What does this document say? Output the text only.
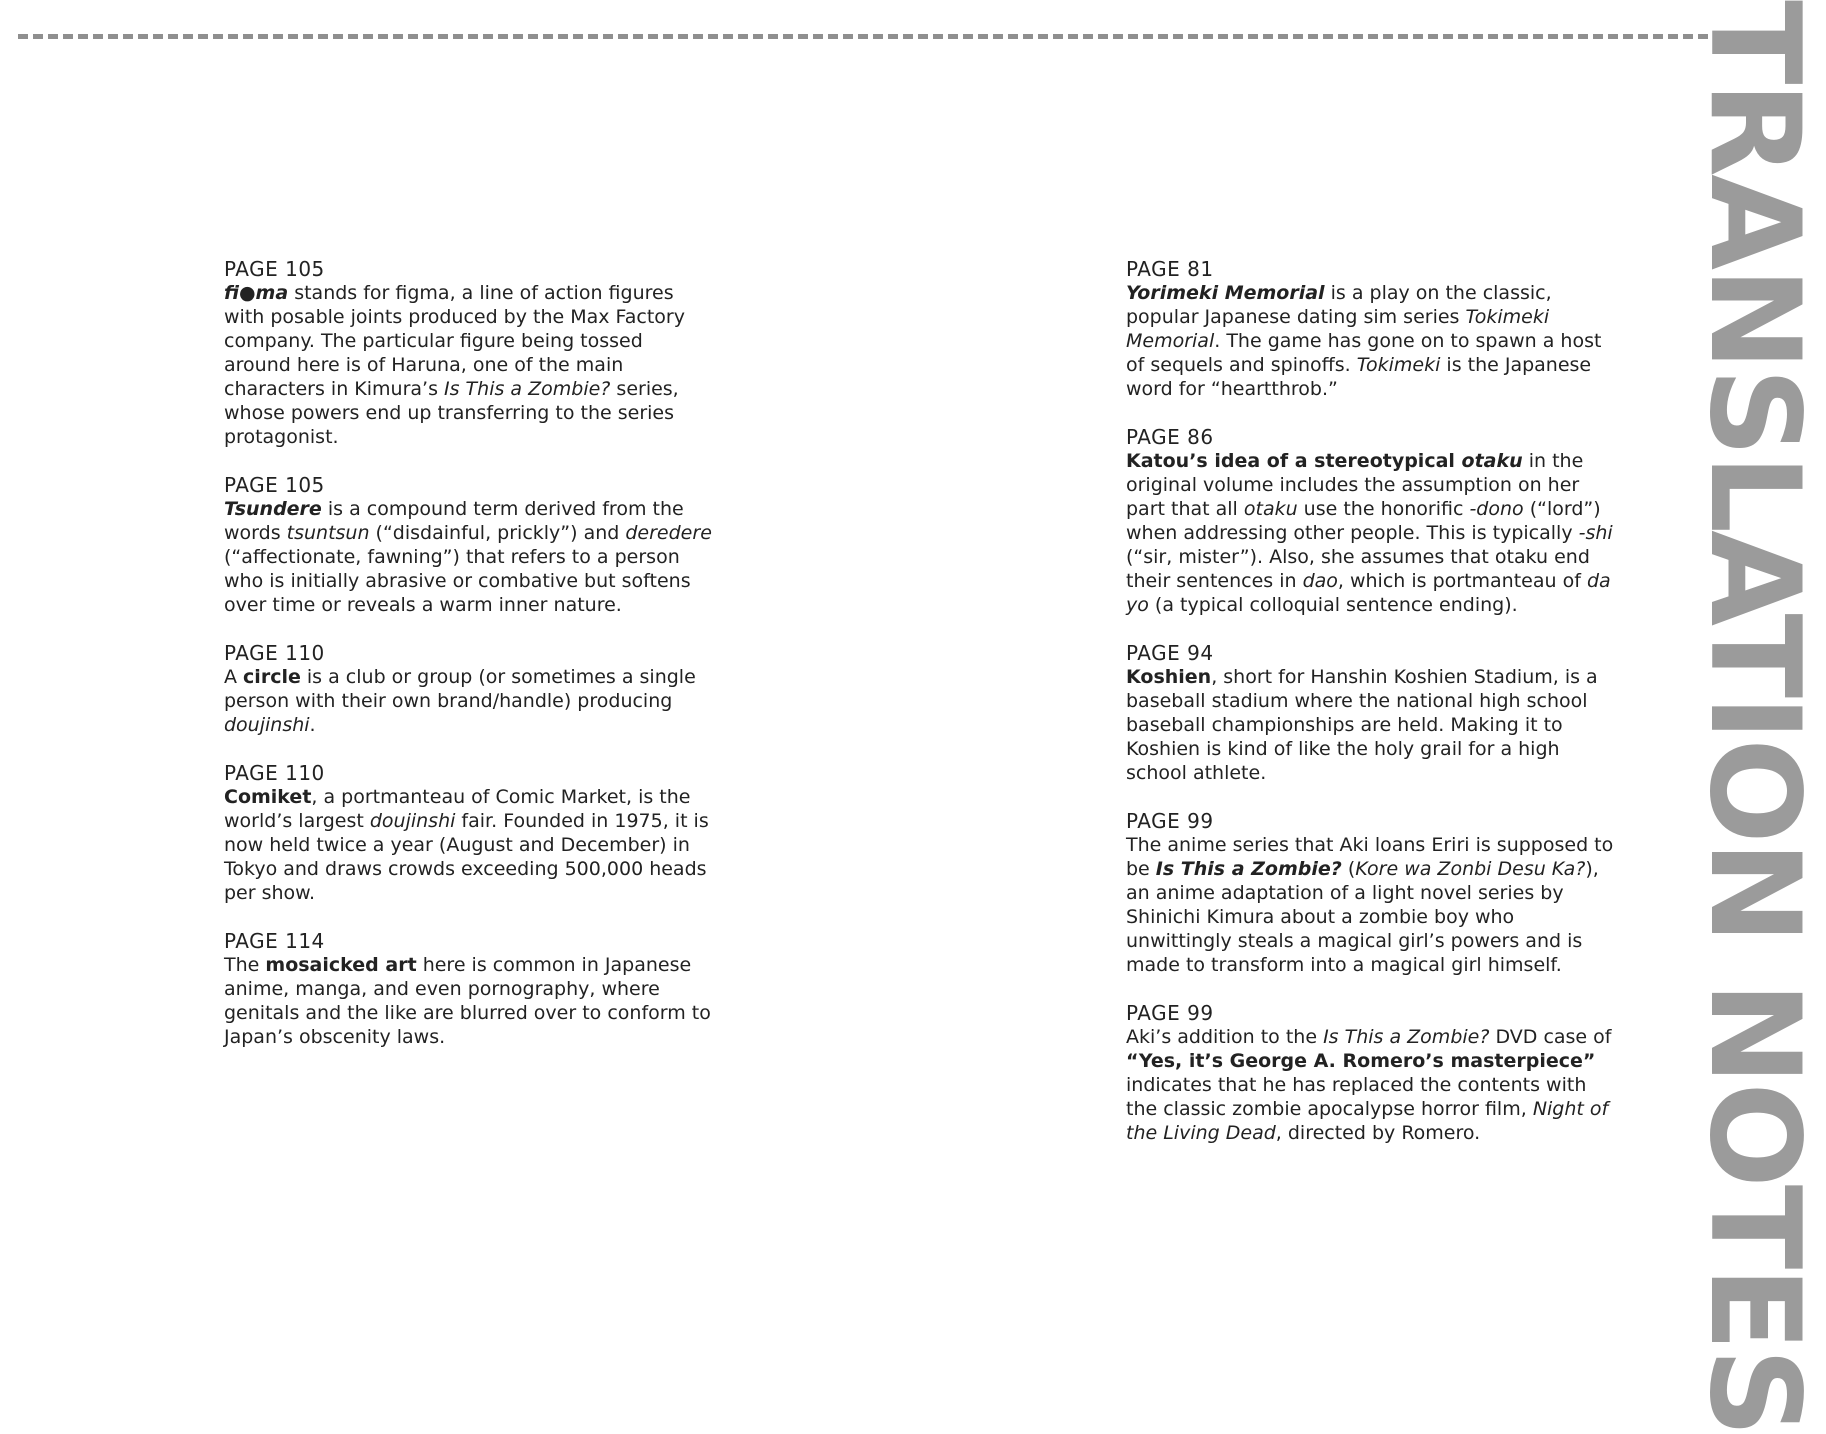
TRANSLATION NOTES
PAGE 105

fi●ma stands for figma, a line of action figures with posable joints produced by the Max Factory company. The particular figure being tossed around here is of Haruna, one of the main characters in Kimura’s Is This a Zombie? series, whose powers end up transferring to the series protagonist.

PAGE 105

Tsundere is a compound term derived from the words tsuntsun (“disdainful, prickly”) and deredere (“affectionate, fawning”) that refers to a person who is initially abrasive or combative but softens over time or reveals a warm inner nature.

PAGE 110

A circle is a club or group (or sometimes a single person with their own brand/handle) producing doujinshi.

PAGE 110

Comiket, a portmanteau of Comic Market, is the world’s largest doujinshi fair. Founded in 1975, it is now held twice a year (August and December) in Tokyo and draws crowds exceeding 500,000 heads per show.

PAGE 114

The mosaicked art here is common in Japanese anime, manga, and even pornography, where genitals and the like are blurred over to conform to Japan’s obscenity laws.

PAGE 81

Yorimeki Memorial is a play on the classic, popular Japanese dating sim series Tokimeki Memorial. The game has gone on to spawn a host of sequels and spinoffs. Tokimeki is the Japanese word for “heartthrob.”

PAGE 86

Katou’s idea of a stereotypical otaku in the original volume includes the assumption on her part that all otaku use the honorific -dono (“lord”) when addressing other people. This is typically -shi (“sir, mister”). Also, she assumes that otaku end their sentences in dao, which is portmanteau of da yo (a typical colloquial sentence ending).

PAGE 94

Koshien, short for Hanshin Koshien Stadium, is a baseball stadium where the national high school baseball championships are held. Making it to Koshien is kind of like the holy grail for a high school athlete.

PAGE 99

The anime series that Aki loans Eriri is supposed to be Is This a Zombie? (Kore wa Zonbi Desu Ka?), an anime adaptation of a light novel series by Shinichi Kimura about a zombie boy who unwittingly steals a magical girl’s powers and is made to transform into a magical girl himself.

PAGE 99

Aki’s addition to the Is This a Zombie? DVD case of “Yes, it’s George A. Romero’s masterpiece” indicates that he has replaced the contents with the classic zombie apocalypse horror film, Night of the Living Dead, directed by Romero.
